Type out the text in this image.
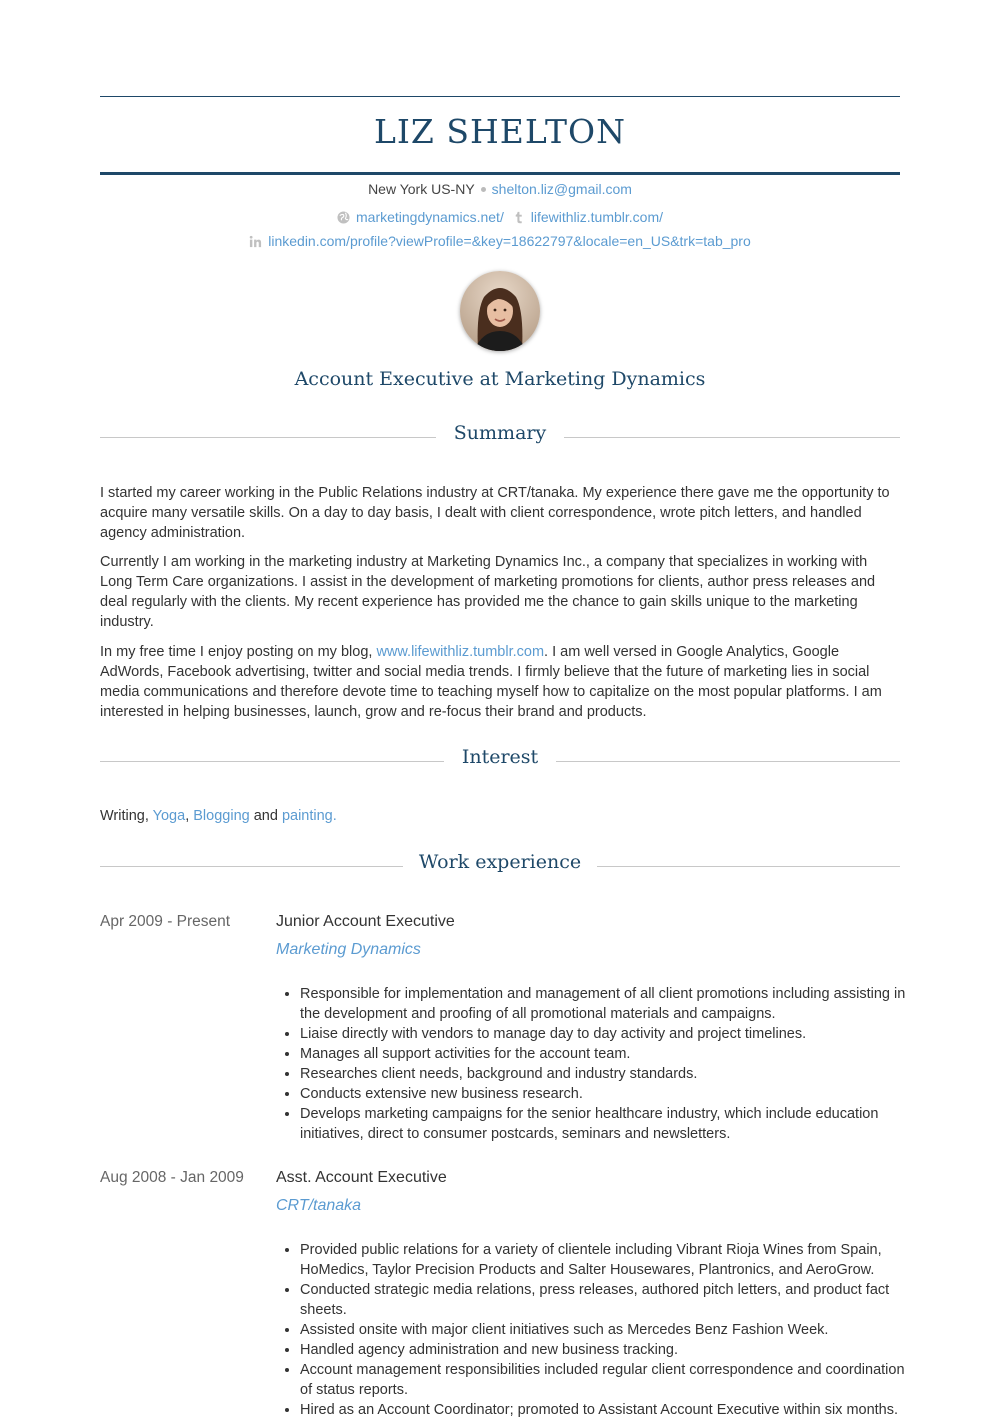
LIZ SHELTON
New York US-NY shelton.liz@gmail.com
marketingdynamics.net/ lifewithliz.tumblr.com/
linkedin.com/profile?viewProfile=&key=18622797&locale=en_US&trk=tab_pro
Account Executive at Marketing Dynamics
Summary

I started my career working in the Public Relations industry at CRT/tanaka. My experience there gave me the opportunity to acquire many versatile skills. On a day to day basis, I dealt with client correspondence, wrote pitch letters, and handled agency administration.

Currently I am working in the marketing industry at Marketing Dynamics Inc., a company that specializes in working with Long Term Care organizations. I assist in the development of marketing promotions for clients, author press releases and deal regularly with the clients. My recent experience has provided me the chance to gain skills unique to the marketing industry.

In my free time I enjoy posting on my blog, www.lifewithliz.tumblr.com. I am well versed in Google Analytics, Google AdWords, Facebook advertising, twitter and social media trends. I firmly believe that the future of marketing lies in social media communications and therefore devote time to teaching myself how to capitalize on the most popular platforms. I am interested in helping businesses, launch, grow and re-focus their brand and products.

Interest

Writing, Yoga, Blogging and painting.

Work experience
Apr 2009 - Present	Junior Account Executive
Marketing Dynamics
• Responsible for implementation and management of all client promotions including assisting in the development and proofing of all promotional materials and campaigns.
• Liaise directly with vendors to manage day to day activity and project timelines.
• Manages all support activities for the account team.
• Researches client needs, background and industry standards.
• Conducts extensive new business research.
• Develops marketing campaigns for the senior healthcare industry, which include education initiatives, direct to consumer postcards, seminars and newsletters.
Aug 2008 - Jan 2009 Asst. Account Executive
CRT/tanaka
• Provided public relations for a variety of clientele including Vibrant Rioja Wines from Spain, HoMedics, Taylor Precision Products and Salter Housewares, Plantronics, and AeroGrow.
• Conducted strategic media relations, press releases, authored pitch letters, and product fact sheets.
• Assisted onsite with major client initiatives such as Mercedes Benz Fashion Week.
• Handled agency administration and new business tracking.
• Account management responsibilities included regular client correspondence and coordination of status reports.
• Hired as an Account Coordinator; promoted to Assistant Account Executive within six months.
